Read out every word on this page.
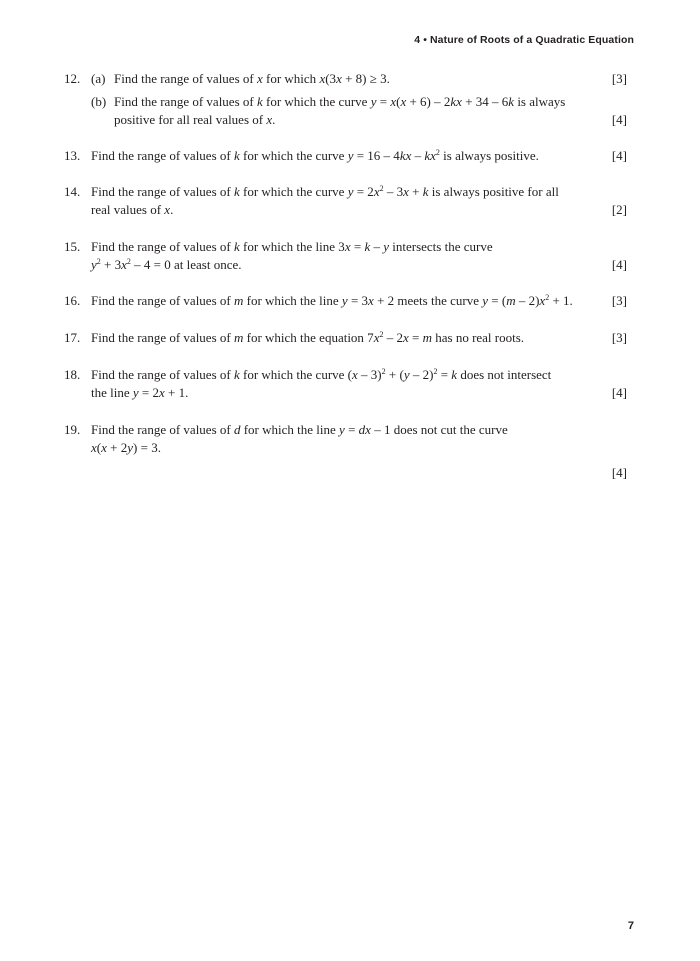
4 • Nature of Roots of a Quadratic Equation
12. (a) Find the range of values of x for which x(3x + 8) ≥ 3.	[3]
(b) Find the range of values of k for which the curve y = x(x + 6) – 2kx + 34 – 6k is always
positive for all real values of x.	[4]
13. Find the range of values of k for which the curve $y = 16 - 4kx - kx^2$ is always positive.	[4]
14. Find the range of values of k for which the curve $y = 2x^2 - 3x + k$ is always positive for all
real values of x.	[2]
15. Find the range of values of k for which the line 3x = k – y intersects the curve
$y^2 + 3x^2 - 4 = 0$ at least once.	[4]
16. Find the range of values of m for which the line y = 3x + 2 meets the curve $y = (m - 2)x^2 + 1$.	[3]
17. Find the range of values of m for which the equation $7x^2 - 2x = m$ has no real roots.	[3]
18. Find the range of values of k for which the curve (x – 3)$^2$ + (y – 2)$^2$ = k does not intersect
the line y = 2x + 1.	[4]
19. Find the range of values of d for which the line y = dx – 1 does not cut the curve
x(x + 2y) = 3.
[4]
7
